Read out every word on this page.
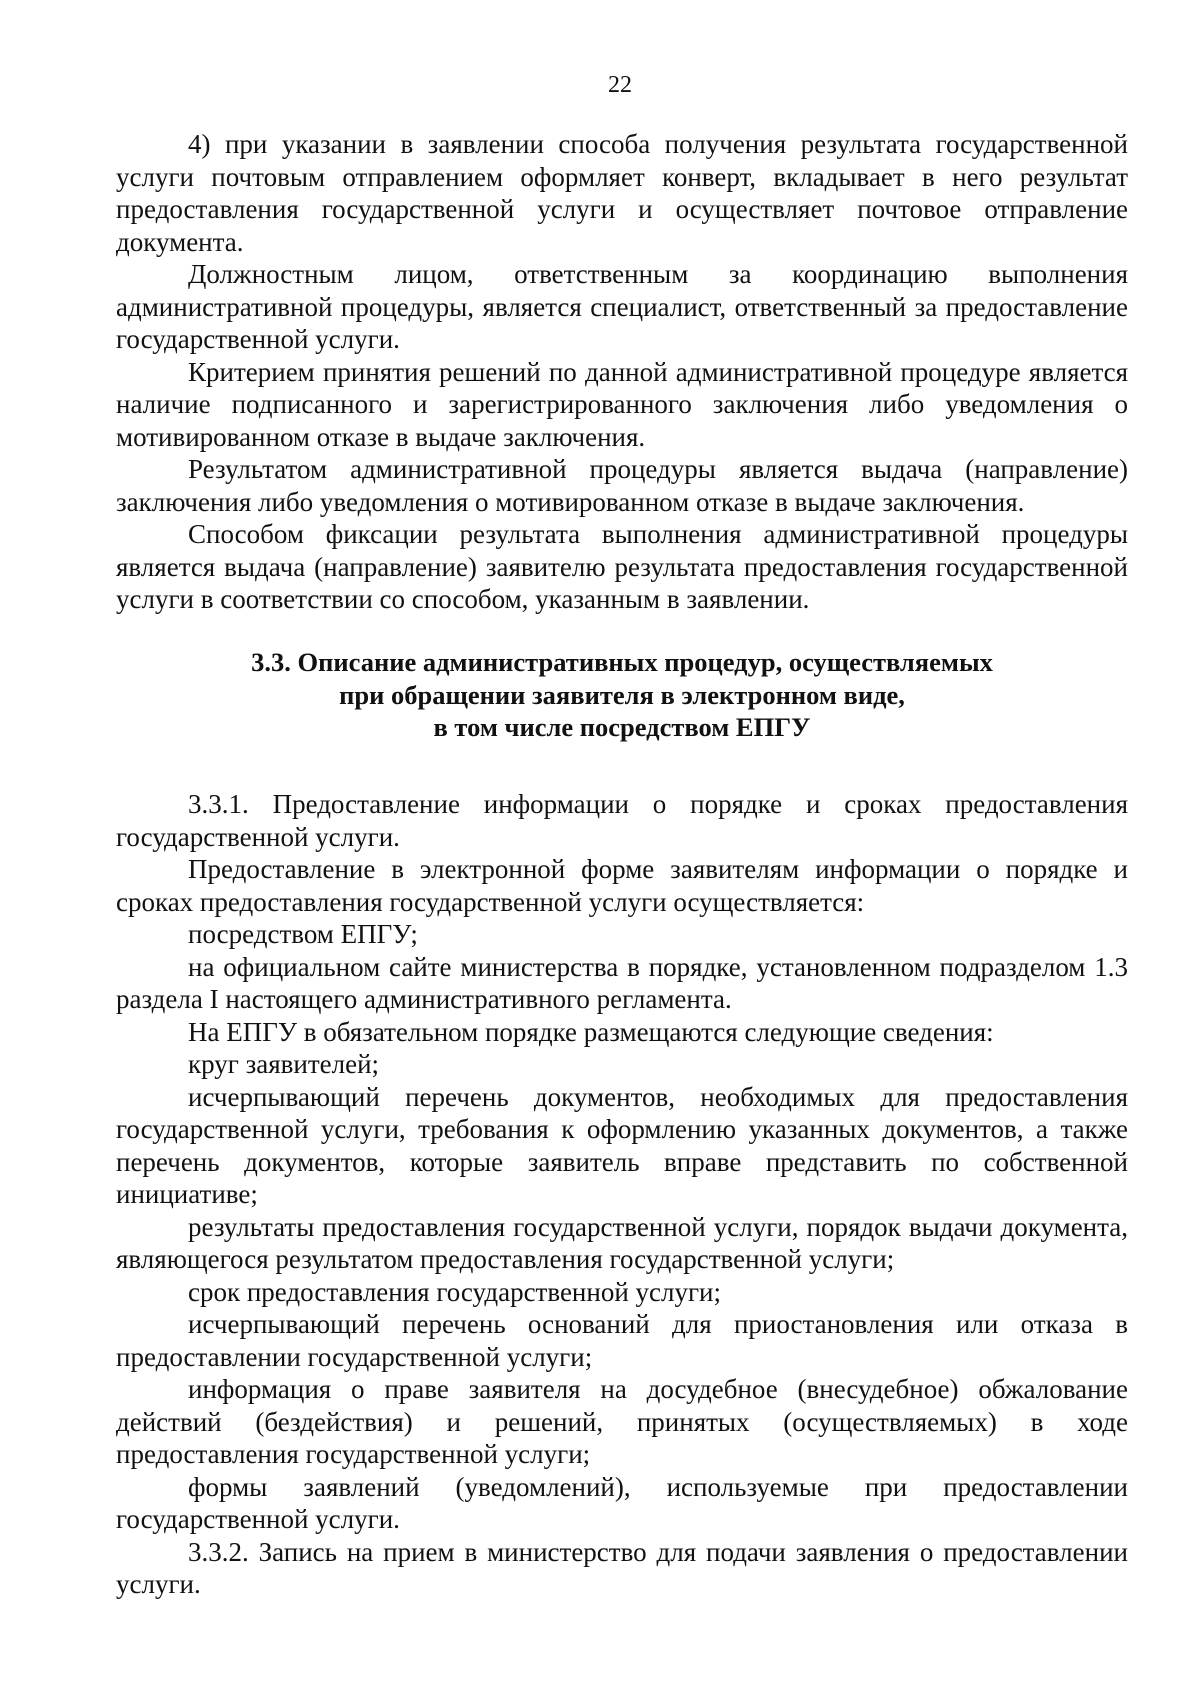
22

4) при указании в заявлении способа получения результата государственной услуги почтовым отправлением оформляет конверт, вкладывает в него результат предоставления государственной услуги и осуществляет почтовое отправление документа.

Должностным лицом, ответственным за координацию выполнения административной процедуры, является специалист, ответственный за предоставление государственной услуги.

Критерием принятия решений по данной административной процедуре является наличие подписанного и зарегистрированного заключения либо уведомления о мотивированном отказе в выдаче заключения.

Результатом административной процедуры является выдача (направление) заключения либо уведомления о мотивированном отказе в выдаче заключения.

Способом фиксации результата выполнения административной процедуры является выдача (направление) заявителю результата предоставления государственной услуги в соответствии со способом, указанным в заявлении.

3.3. Описание административных процедур, осуществляемых
при обращении заявителя в электронном виде,
в том числе посредством ЕПГУ

3.3.1. Предоставление информации о порядке и сроках предоставления государственной услуги.

Предоставление в электронной форме заявителям информации о порядке и сроках предоставления государственной услуги осуществляется:

посредством ЕПГУ;

на официальном сайте министерства в порядке, установленном подразделом 1.3 раздела I настоящего административного регламента.

На ЕПГУ в обязательном порядке размещаются следующие сведения:

круг заявителей;

исчерпывающий перечень документов, необходимых для предоставления государственной услуги, требования к оформлению указанных документов, а также перечень документов, которые заявитель вправе представить по собственной инициативе;

результаты предоставления государственной услуги, порядок выдачи документа, являющегося результатом предоставления государственной услуги;

срок предоставления государственной услуги;

исчерпывающий перечень оснований для приостановления или отказа в предоставлении государственной услуги;

информация о праве заявителя на досудебное (внесудебное) обжалование действий (бездействия) и решений, принятых (осуществляемых) в ходе предоставления государственной услуги;

формы заявлений (уведомлений), используемые при предоставлении государственной услуги.

3.3.2. Запись на прием в министерство для подачи заявления о предоставлении услуги.
